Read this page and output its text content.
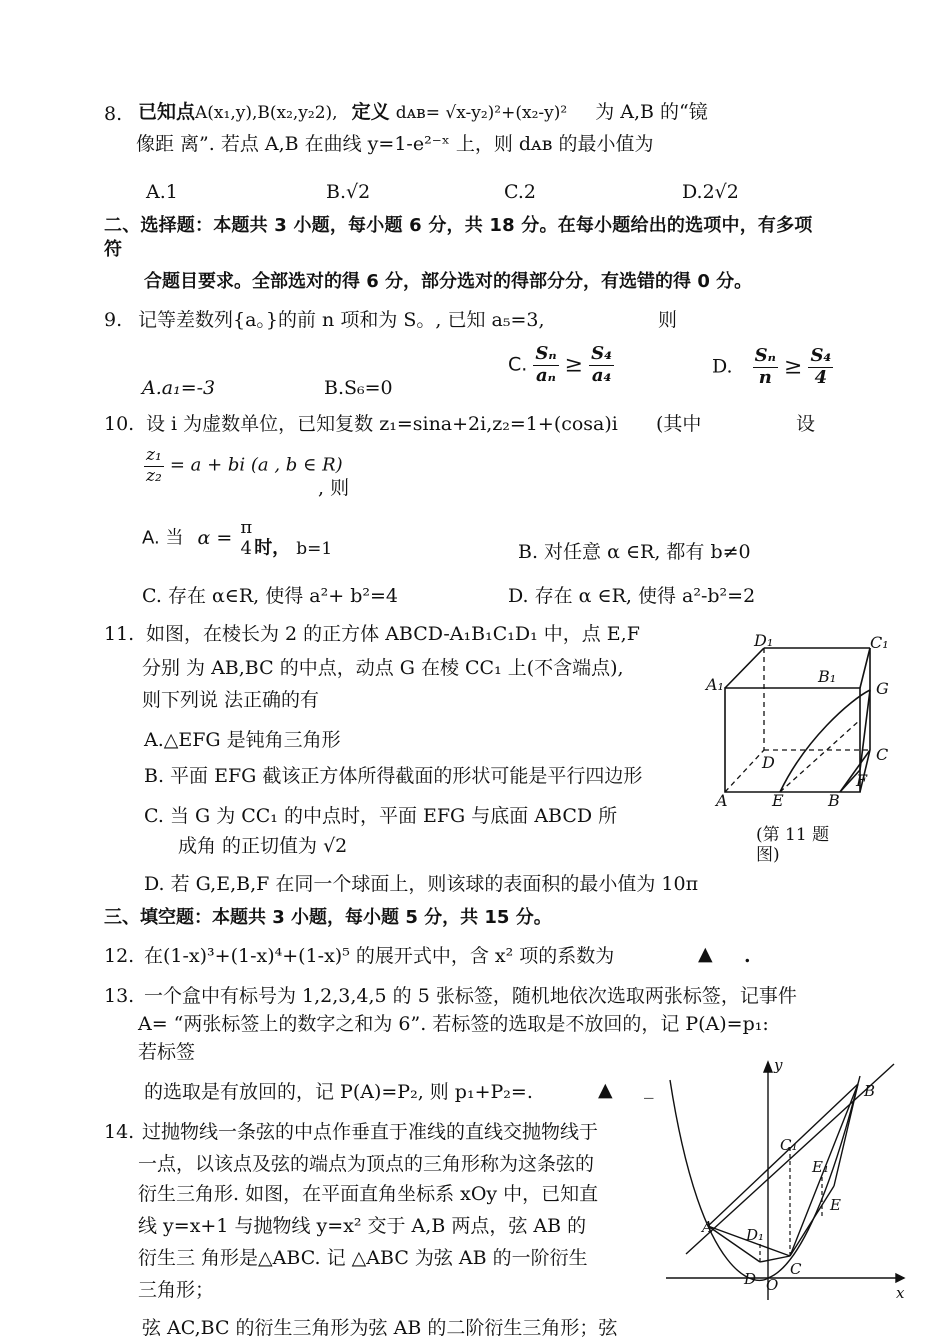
8. 已知点A(x₁,y),B(x₂,y₂2), 定义 dᴀʙ= √x-y₂)²+(x₂-y)² 为 A,B 的“镜
像距 离”. 若点 A,B 在曲线 y=1-e²⁻ˣ 上，则 dᴀʙ 的最小值为
A.1	B.√2	C.2	D.2√2
二、选择题：本题共 3 小题，每小题 6 分，共 18 分。在每小题给出的选项中，有多项
符
合题目要求。全部选对的得 6 分，部分选对的得部分分，有选错的得 0 分。
9. 记等差数列{a。}的前 n 项和为 S。, 已知 a₅=3,	则
A.a₁=-3	B.S₆=0
C. $\frac{\text{Sₙ}}{\text{aₙ}} \ge \frac{\text{S₄}}{\text{a₄}}$	D. $\frac{\text{Sₙ}}{n} \ge \frac{\text{S₄}}{4}$
10. 设 i 为虚数单位，已知复数 z₁=sina+2i,z₂=1+(cosa)i (其中	设
$\frac{\text{z₁}}{\text{z₂}} = a$ + bi (a , b ∈ R)
, 则
A. 当 α = π
4 时， b=1	B. 对任意 α ∈R, 都有 b≠0
C. 存在 α∈R, 使得 a²+ b²=4	D. 存在 α ∈R, 使得 a²-b²=2
11. 如图，在棱长为 2 的正方体 ABCD-A₁B₁C₁D₁ 中，点 E,F
分别 为 AB,BC 的中点，动点 G 在棱 CC₁ 上(不含端点),
则下列说 法正确的有
A.△EFG 是钝角三角形
B. 平面 EFG 截该正方体所得截面的形状可能是平行四边形
C. 当 G 为 CC₁ 的中点时，平面 EFG 与底面 ABCD 所
成角 的正切值为 √2
D. 若 G,E,B,F 在同一个球面上，则该球的表面积的最小值为 10π
D₁	C₁
B₁
A₁	G
D	C
F
A	E	B
(第 11 题
图)
三、填空题：本题共 3 小题，每小题 5 分，共 15 分。
12. 在(1-x)³+(1-x)⁴+(1-x)⁵ 的展开式中，含 x² 项的系数为	▲ .
13. 一个盒中有标号为 1,2,3,4,5 的 5 张标签，随机地依次选取两张标签，记事件
A= “两张标签上的数字之和为 6”. 若标签的选取是不放回的，记 P(A)=p₁:
若标签
的选取是有放回的，记 P(A)=P₂, 则 p₁+P₂=.	▲ _
14. 过抛物线一条弦的中点作垂直于准线的直线交抛物线于
一点，以该点及弦的端点为顶点的三角形称为这条弦的
衍生三角形. 如图，在平面直角坐标系 xOy 中，已知直
线 y=x+1 与抛物线 y=x² 交于 A,B 两点，弦 AB 的
衍生三 角形是△ABC. 记 △ABC 为弦 AB 的一阶衍生
三角形；
弦 AC,BC 的衍生三角形为弦 AB 的二阶衍生三角形；弦
y
B
C₁
E₁
E
A D₁
D O
C
x
